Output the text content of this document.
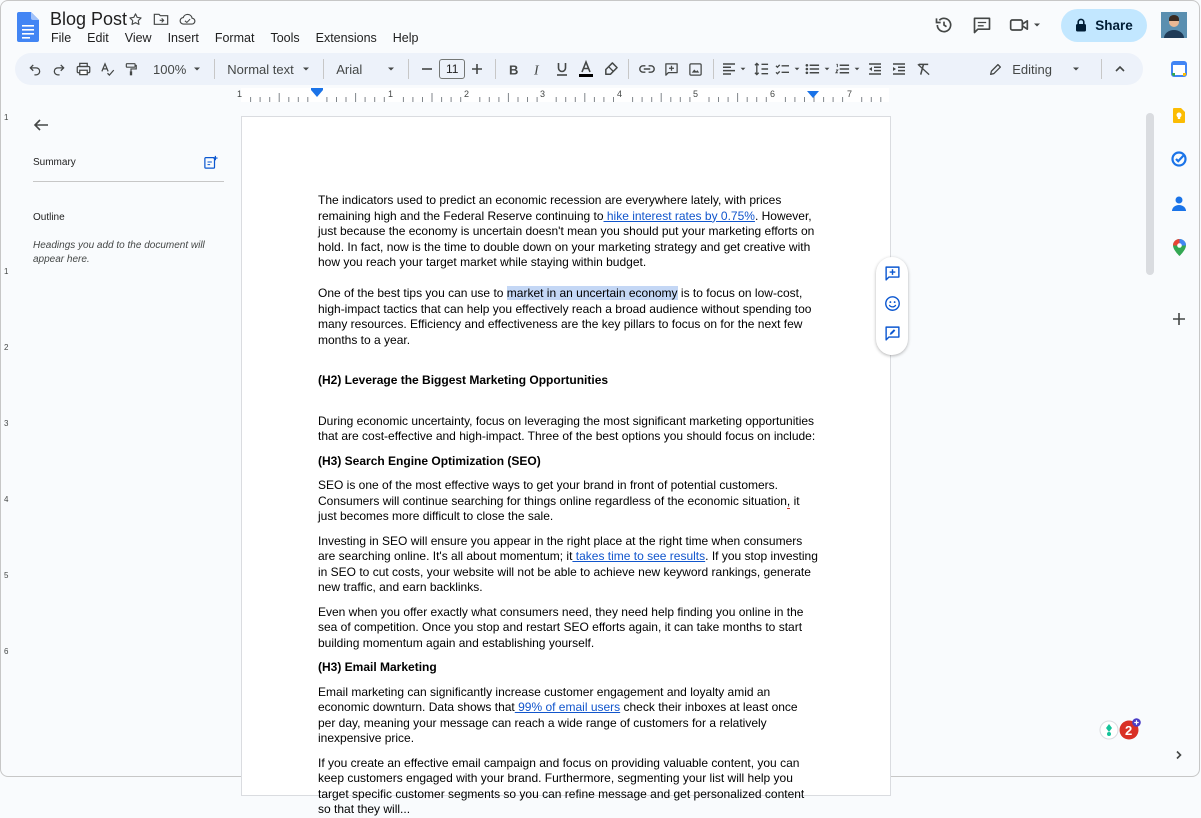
Blog Post
File	Edit	View	Insert	Format	Tools	Extensions	Help
Share
100%	Normal text	Arial	11	B I	Editing
1	1	2	3	4	5	6	7
1
1
2
3
4
5
6
Summary
Outline
Headings you add to the document will appear here.

The indicators used to predict an economic recession are everywhere lately, with prices remaining high and the Federal Reserve continuing to hike interest rates by 0.75%. However, just because the economy is uncertain doesn't mean you should put your marketing efforts on hold. In fact, now is the time to double down on your marketing strategy and get creative with how you reach your target market while staying within budget.

One of the best tips you can use to market in an uncertain economy is to focus on low-cost, high-impact tactics that can help you effectively reach a broad audience without spending too many resources. Efficiency and effectiveness are the key pillars to focus on for the next few months to a year.

(H2) Leverage the Biggest Marketing Opportunities

During economic uncertainty, focus on leveraging the most significant marketing opportunities that are cost-effective and high-impact. Three of the best options you should focus on include:

(H3) Search Engine Optimization (SEO)

SEO is one of the most effective ways to get your brand in front of potential customers. Consumers will continue searching for things online regardless of the economic situation, it just becomes more difficult to close the sale.

Investing in SEO will ensure you appear in the right place at the right time when consumers are searching online. It's all about momentum; it takes time to see results. If you stop investing in SEO to cut costs, your website will not be able to achieve new keyword rankings, generate new traffic, and earn backlinks.

Even when you offer exactly what consumers need, they need help finding you online in the sea of competition. Once you stop and restart SEO efforts again, it can take months to start building momentum again and establishing yourself.

(H3) Email Marketing

Email marketing can significantly increase customer engagement and loyalty amid an economic downturn. Data shows that 99% of email users check their inboxes at least once per day, meaning your message can reach a wide range of customers for a relatively inexpensive price.

If you create an effective email campaign and focus on providing valuable content, you can keep customers engaged with your brand. Furthermore, segmenting your list will help you target specific customer segments so you can refine message and get personalized content so that they will...

2
